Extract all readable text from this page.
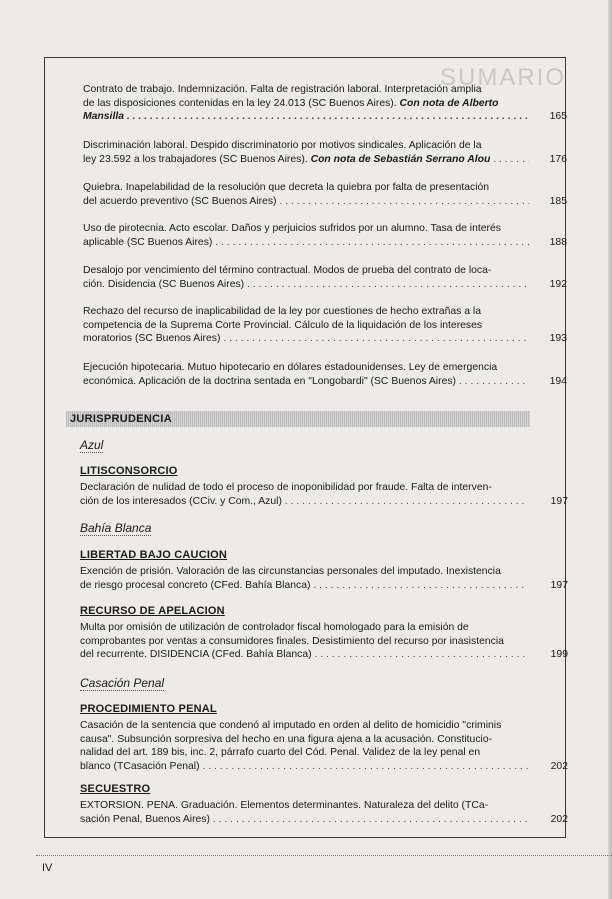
SUMARIO
Contrato de trabajo. Indemnización. Falta de registración laboral. Interpretación amplia
de las disposiciones contenidas en la ley 24.013 (SC Buenos Aires). Con nota de Alberto
Mansilla . . .	165
Discriminación laboral. Despido discriminatorio por motivos sindicales. Aplicación de la
ley 23.592 a los trabajadores (SC Buenos Aires). Con nota de Sebastián Serrano Alou . . .	176
Quiebra. Inapelabilidad de la resolución que decreta la quiebra por falta de presentación
del acuerdo preventivo (SC Buenos Aires) . . .	185
Uso de pirotecnia. Acto escolar. Daños y perjuicios sufridos por un alumno. Tasa de interés
aplicable (SC Buenos Aires) . . .	188
Desalojo por vencimiento del término contractual. Modos de prueba del contrato de loca-
ción. Disidencia (SC Buenos Aires) . . .	192
Rechazo del recurso de inaplicabilidad de la ley por cuestiones de hecho extrañas a la
competencia de la Suprema Corte Provincial. Cálculo de la liquidación de los intereses
moratorios (SC Buenos Aires) . . .	193
Ejecución hipotecaria. Mutuo hipotecario en dólares estadounidenses. Ley de emergencia
económica. Aplicación de la doctrina sentada en "Longobardi" (SC Buenos Aires) . . .	194
JURISPRUDENCIA
Azul
LITISCONSORCIO
Declaración de nulidad de todo el proceso de inoponibilidad por fraude. Falta de interven-
ción de los interesados (CCiv. y Com., Azul) . . .	197
Bahía Blanca
LIBERTAD BAJO CAUCION
Exención de prisión. Valoración de las circunstancias personales del imputado. Inexistencia
de riesgo procesal concreto (CFed. Bahía Blanca) . . .	197
RECURSO DE APELACION
Multa por omisión de utilización de controlador fiscal homologado para la emisión de
comprobantes por ventas a consumidores finales. Desistimiento del recurso por inasistencia
del recurrente. DISIDENCIA (CFed. Bahía Blanca) . . .	199
Casación Penal
PROCEDIMIENTO PENAL
Casación de la sentencia que condenó al imputado en orden al delito de homicidio "criminis
causa". Subsunción sorpresiva del hecho en una figura ajena a la acusación. Constitucio-
nalidad del art. 189 bis, inc. 2, párrafo cuarto del Cód. Penal. Validez de la ley penal en
blanco (TCasación Penal) . . .	202
SECUESTRO
EXTORSION. PENA. Graduación. Elementos determinantes. Naturaleza del delito (TCa-
sación Penal, Buenos Aires) . . .	202
IV
